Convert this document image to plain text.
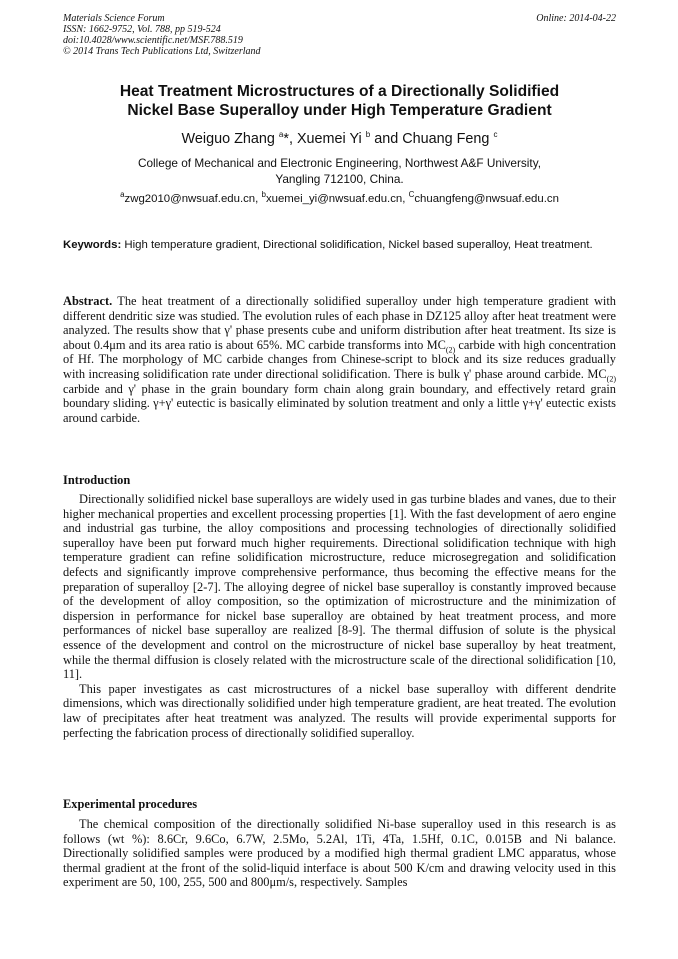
Materials Science Forum
ISSN: 1662-9752, Vol. 788, pp 519-524
doi:10.4028/www.scientific.net/MSF.788.519
© 2014 Trans Tech Publications Ltd, Switzerland
Online: 2014-04-22
Heat Treatment Microstructures of a Directionally Solidified
Nickel Base Superalloy under High Temperature Gradient
Weiguo Zhang $^a$*, Xuemei Yi $^b$ and Chuang Feng $^c$
College of Mechanical and Electronic Engineering, Northwest A&F University,
Yangling 712100, China.
$^a$zwg2010@nwsuaf.edu.cn, $^b$xuemei_yi@nwsuaf.edu.cn, $^C$chuangfeng@nwsuaf.edu.cn
Keywords: High temperature gradient, Directional solidification, Nickel based superalloy, Heat treatment.
Abstract. The heat treatment of a directionally solidified superalloy under high temperature gradient with different dendritic size was studied. The evolution rules of each phase in DZ125 alloy after heat treatment were analyzed. The results show that γ' phase presents cube and uniform distribution after heat treatment. Its size is about 0.4μm and its area ratio is about 65%. MC carbide transforms into $MC_{(2)}$ carbide with high concentration of Hf. The morphology of MC carbide changes from Chinese-script to block and its size reduces gradually with increasing solidification rate under directional solidification. There is bulk γ' phase around carbide. $MC_{(2)}$ carbide and γ' phase in the grain boundary form chain along grain boundary, and effectively retard grain boundary sliding. γ+γ' eutectic is basically eliminated by solution treatment and only a little γ+γ' eutectic exists around carbide.
Introduction

Directionally solidified nickel base superalloys are widely used in gas turbine blades and vanes, due to their higher mechanical properties and excellent processing properties [1]. With the fast development of aero engine and industrial gas turbine, the alloy compositions and processing technologies of directionally solidified superalloy have been put forward much higher requirements. Directional solidification technique with high temperature gradient can refine solidification microstructure, reduce microsegregation and solidification defects and significantly improve comprehensive performance, thus becoming the effective means for the preparation of superalloy [2-7]. The alloying degree of nickel base superalloy is constantly improved because of the development of alloy composition, so the optimization of microstructure and the minimization of dispersion in performance for nickel base superalloy are obtained by heat treatment process, and more performances of nickel base superalloy are realized [8-9]. The thermal diffusion of solute is the physical essence of the development and control on the microstructure of nickel base superalloy by heat treatment, while the thermal diffusion is closely related with the microstructure scale of the directional solidification [10, 11].

This paper investigates as cast microstructures of a nickel base superalloy with different dendrite dimensions, which was directionally solidified under high temperature gradient, are heat treated. The evolution law of precipitates after heat treatment was analyzed. The results will provide experimental supports for perfecting the fabrication process of directionally solidified superalloy.

Experimental procedures

The chemical composition of the directionally solidified Ni-base superalloy used in this research is as follows (wt %): 8.6Cr, 9.6Co, 6.7W, 2.5Mo, 5.2Al, 1Ti, 4Ta, 1.5Hf, 0.1C, 0.015B and Ni balance. Directionally solidified samples were produced by a modified high thermal gradient LMC apparatus, whose thermal gradient at the front of the solid-liquid interface is about 500 K/cm and drawing velocity used in this experiment are 50, 100, 255, 500 and 800μm/s, respectively. Samples
